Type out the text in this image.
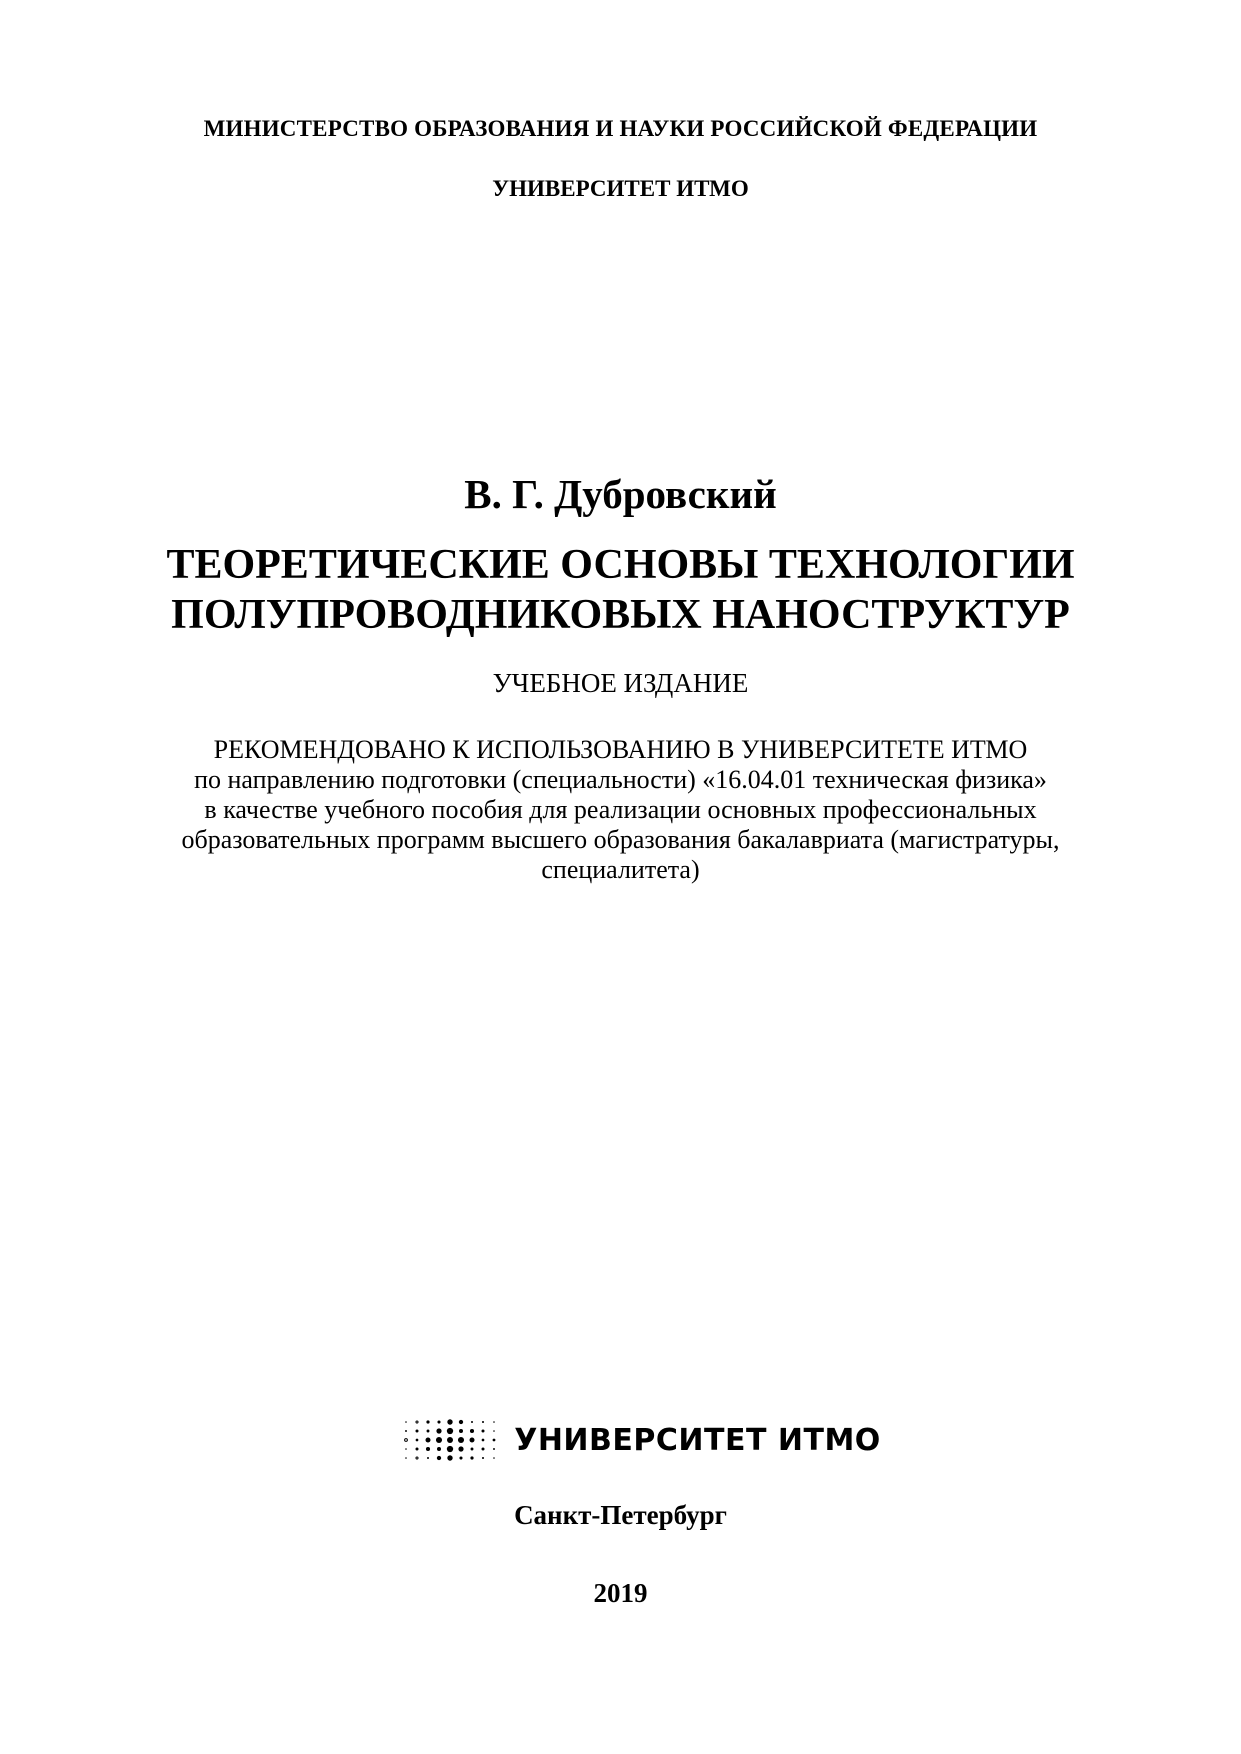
МИНИСТЕРСТВО ОБРАЗОВАНИЯ И НАУКИ РОССИЙСКОЙ ФЕДЕРАЦИИ
УНИВЕРСИТЕТ ИТМО
В. Г. Дубровский
ТЕОРЕТИЧЕСКИЕ ОСНОВЫ ТЕХНОЛОГИИ
ПОЛУПРОВОДНИКОВЫХ НАНОСТРУКТУР
УЧЕБНОЕ ИЗДАНИЕ
РЕКОМЕНДОВАНО К ИСПОЛЬЗОВАНИЮ В УНИВЕРСИТЕТЕ ИТМО
по направлению подготовки (специальности) «16.04.01 техническая физика»
в качестве учебного пособия для реализации основных профессиональных
образовательных программ высшего образования бакалавриата (магистратуры,
специалитета)
УНИВЕРСИТЕТ ИТМО
Санкт-Петербург
2019
